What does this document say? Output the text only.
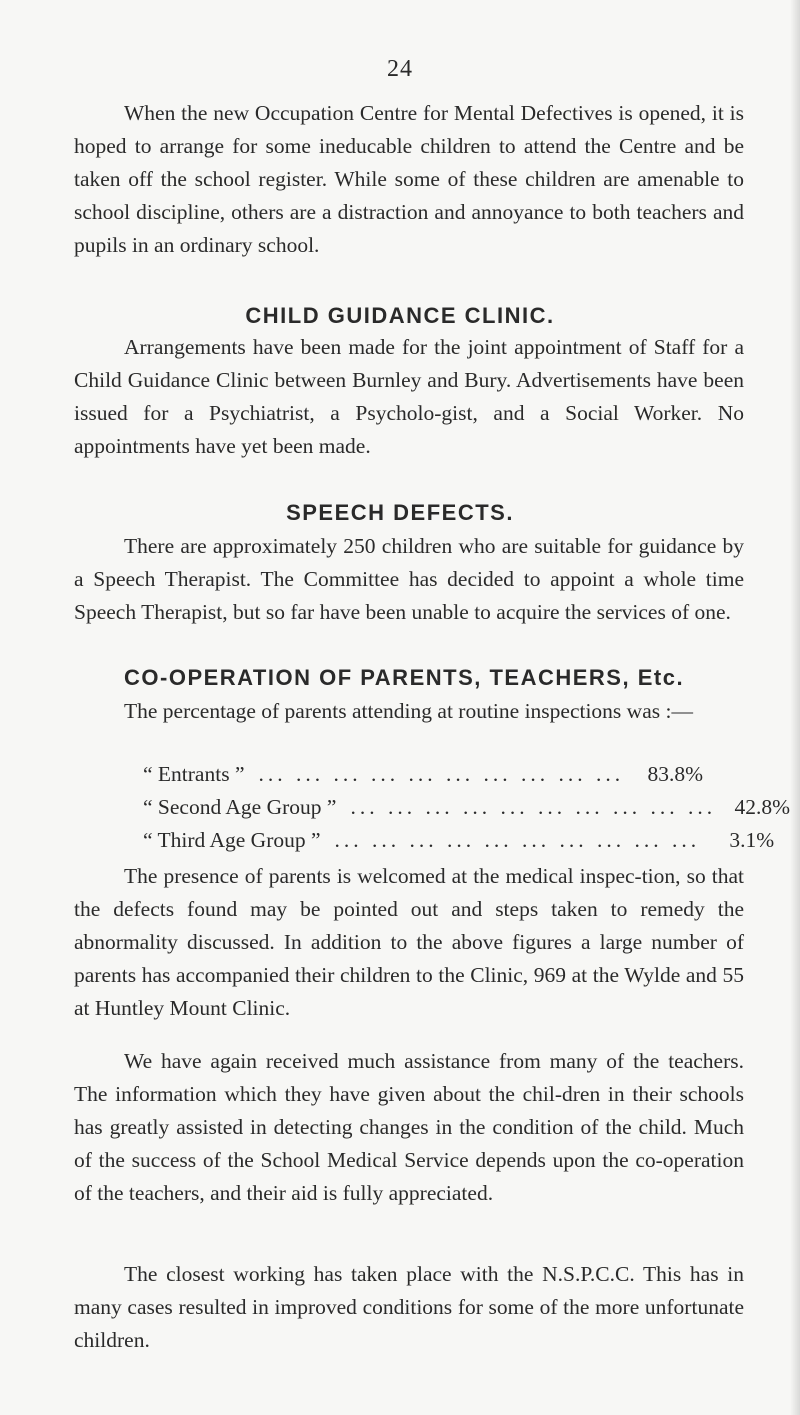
24

When the new Occupation Centre for Mental Defectives is opened, it is hoped to arrange for some ineducable children to attend the Centre and be taken off the school register. While some of these children are amenable to school discipline, others are a distraction and annoyance to both teachers and pupils in an ordinary school.

CHILD GUIDANCE CLINIC.

Arrangements have been made for the joint appointment of Staff for a Child Guidance Clinic between Burnley and Bury. Advertisements have been issued for a Psychiatrist, a Psycholo-gist, and a Social Worker. No appointments have yet been made.

SPEECH DEFECTS.

There are approximately 250 children who are suitable for guidance by a Speech Therapist. The Committee has decided to appoint a whole time Speech Therapist, but so far have been unable to acquire the services of one.

CO-OPERATION OF PARENTS, TEACHERS, Etc.

The percentage of parents attending at routine inspections was :—

“ Entrants ” ... ... ... ... ... ... ... ... ... ...	83.8%
“ Second Age Group ” ... ... ... ... ... ... ... ... ... ... 42.8%
“ Third Age Group ” ... ... ... ... ... ... ... ... ... ...	3.1%

The presence of parents is welcomed at the medical inspec-tion, so that the defects found may be pointed out and steps taken to remedy the abnormality discussed. In addition to the above figures a large number of parents has accompanied their children to the Clinic, 969 at the Wylde and 55 at Huntley Mount Clinic.

We have again received much assistance from many of the teachers. The information which they have given about the chil-dren in their schools has greatly assisted in detecting changes in the condition of the child. Much of the success of the School Medical Service depends upon the co-operation of the teachers, and their aid is fully appreciated.

The closest working has taken place with the N.S.P.C.C. This has in many cases resulted in improved conditions for some of the more unfortunate children.
